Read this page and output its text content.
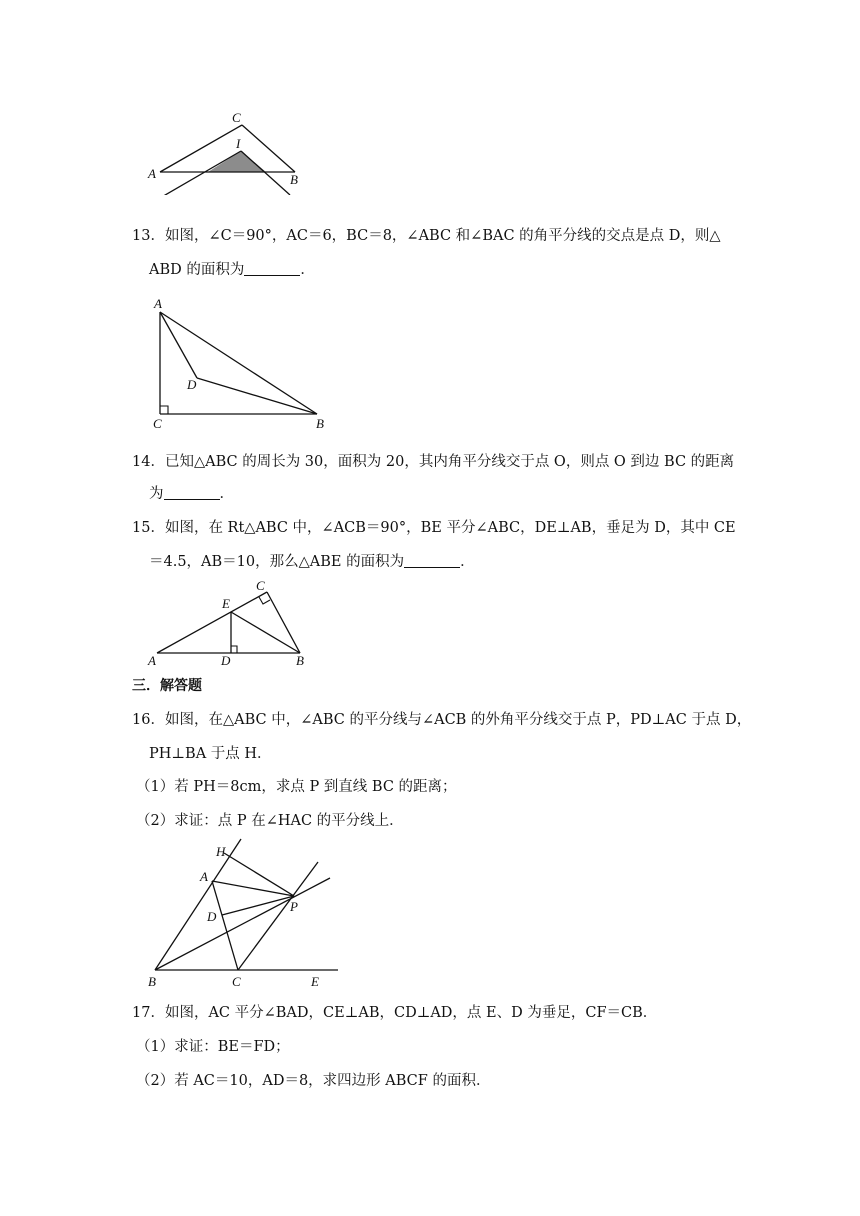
C
I
A	B
13．如图，∠C＝90°，AC＝6，BC＝8，∠ABC 和∠BAC 的角平分线的交点是点 D，则△
ABD 的面积为	．
A
D
C	B
14．已知△ABC 的周长为 30，面积为 20，其内角平分线交于点 O，则点 O 到边 BC 的距离
为	．
15．如图，在 Rt△ABC 中，∠ACB＝90°，BE 平分∠ABC，DE⊥AB，垂足为 D，其中 CE
＝4.5，AB＝10，那么△ABE 的面积为	．
C
E
A	D	B
三．解答题
16．如图，在△ABC 中，∠ABC 的平分线与∠ACB 的外角平分线交于点 P，PD⊥AC 于点 D，
PH⊥BA 于点 H．
（1）若 PH＝8cm，求点 P 到直线 BC 的距离；
（2）求证：点 P 在∠HAC 的平分线上．
H
A
D
P
B	C	E
17．如图，AC 平分∠BAD，CE⊥AB，CD⊥AD，点 E、D 为垂足，CF＝CB．
（1）求证：BE＝FD；
（2）若 AC＝10，AD＝8，求四边形 ABCF 的面积．
